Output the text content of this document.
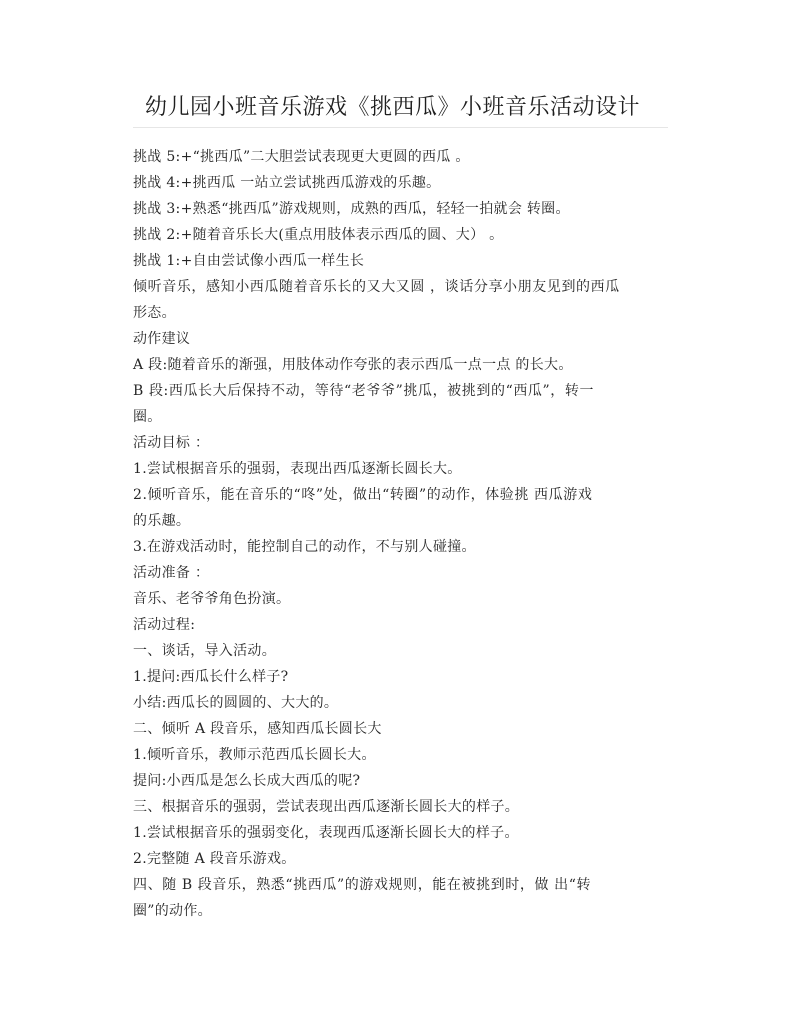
幼儿园小班音乐游戏《挑西瓜》小班音乐活动设计
挑战 5:+“挑西瓜”二大胆尝试表现更大更圆的西瓜 。
挑战 4:+挑西瓜 一站立尝试挑西瓜游戏的乐趣。
挑战 3:+熟悉“挑西瓜”游戏规则，成熟的西瓜，轻轻一拍就会 转圈。
挑战 2:+随着音乐长大(重点用肢体表示西瓜的圆、大） 。
挑战 1:+自由尝试像小西瓜一样生长
倾听音乐，感知小西瓜随着音乐长的又大又圆 ，谈话分享小朋友见到的西瓜
形态。
动作建议
A 段:随着音乐的渐强，用肢体动作夸张的表示西瓜一点一点 的长大。
B 段:西瓜长大后保持不动，等待“老爷爷”挑瓜，被挑到的“西瓜”，转一
圈。
活动目标 ：
1.尝试根据音乐的强弱，表现出西瓜逐渐长圆长大。
2.倾听音乐，能在音乐的“咚”处，做出“转圈”的动作，体验挑 西瓜游戏
的乐趣。
3.在游戏活动时，能控制自己的动作，不与别人碰撞。
活动准备 ：
音乐、老爷爷角色扮演。
活动过程:
一、谈话，导入活动。
1.提问:西瓜长什么样子?
小结:西瓜长的圆圆的、大大的。
二、倾听 A 段音乐，感知西瓜长圆长大
1.倾听音乐，教师示范西瓜长圆长大。
提问:小西瓜是怎么长成大西瓜的呢?
三、根据音乐的强弱，尝试表现出西瓜逐渐长圆长大的样子。
1.尝试根据音乐的强弱变化，表现西瓜逐渐长圆长大的样子。
2.完整随 A 段音乐游戏。
四、随 B 段音乐，熟悉“挑西瓜”的游戏规则，能在被挑到时，做 出“转
圈”的动作。
